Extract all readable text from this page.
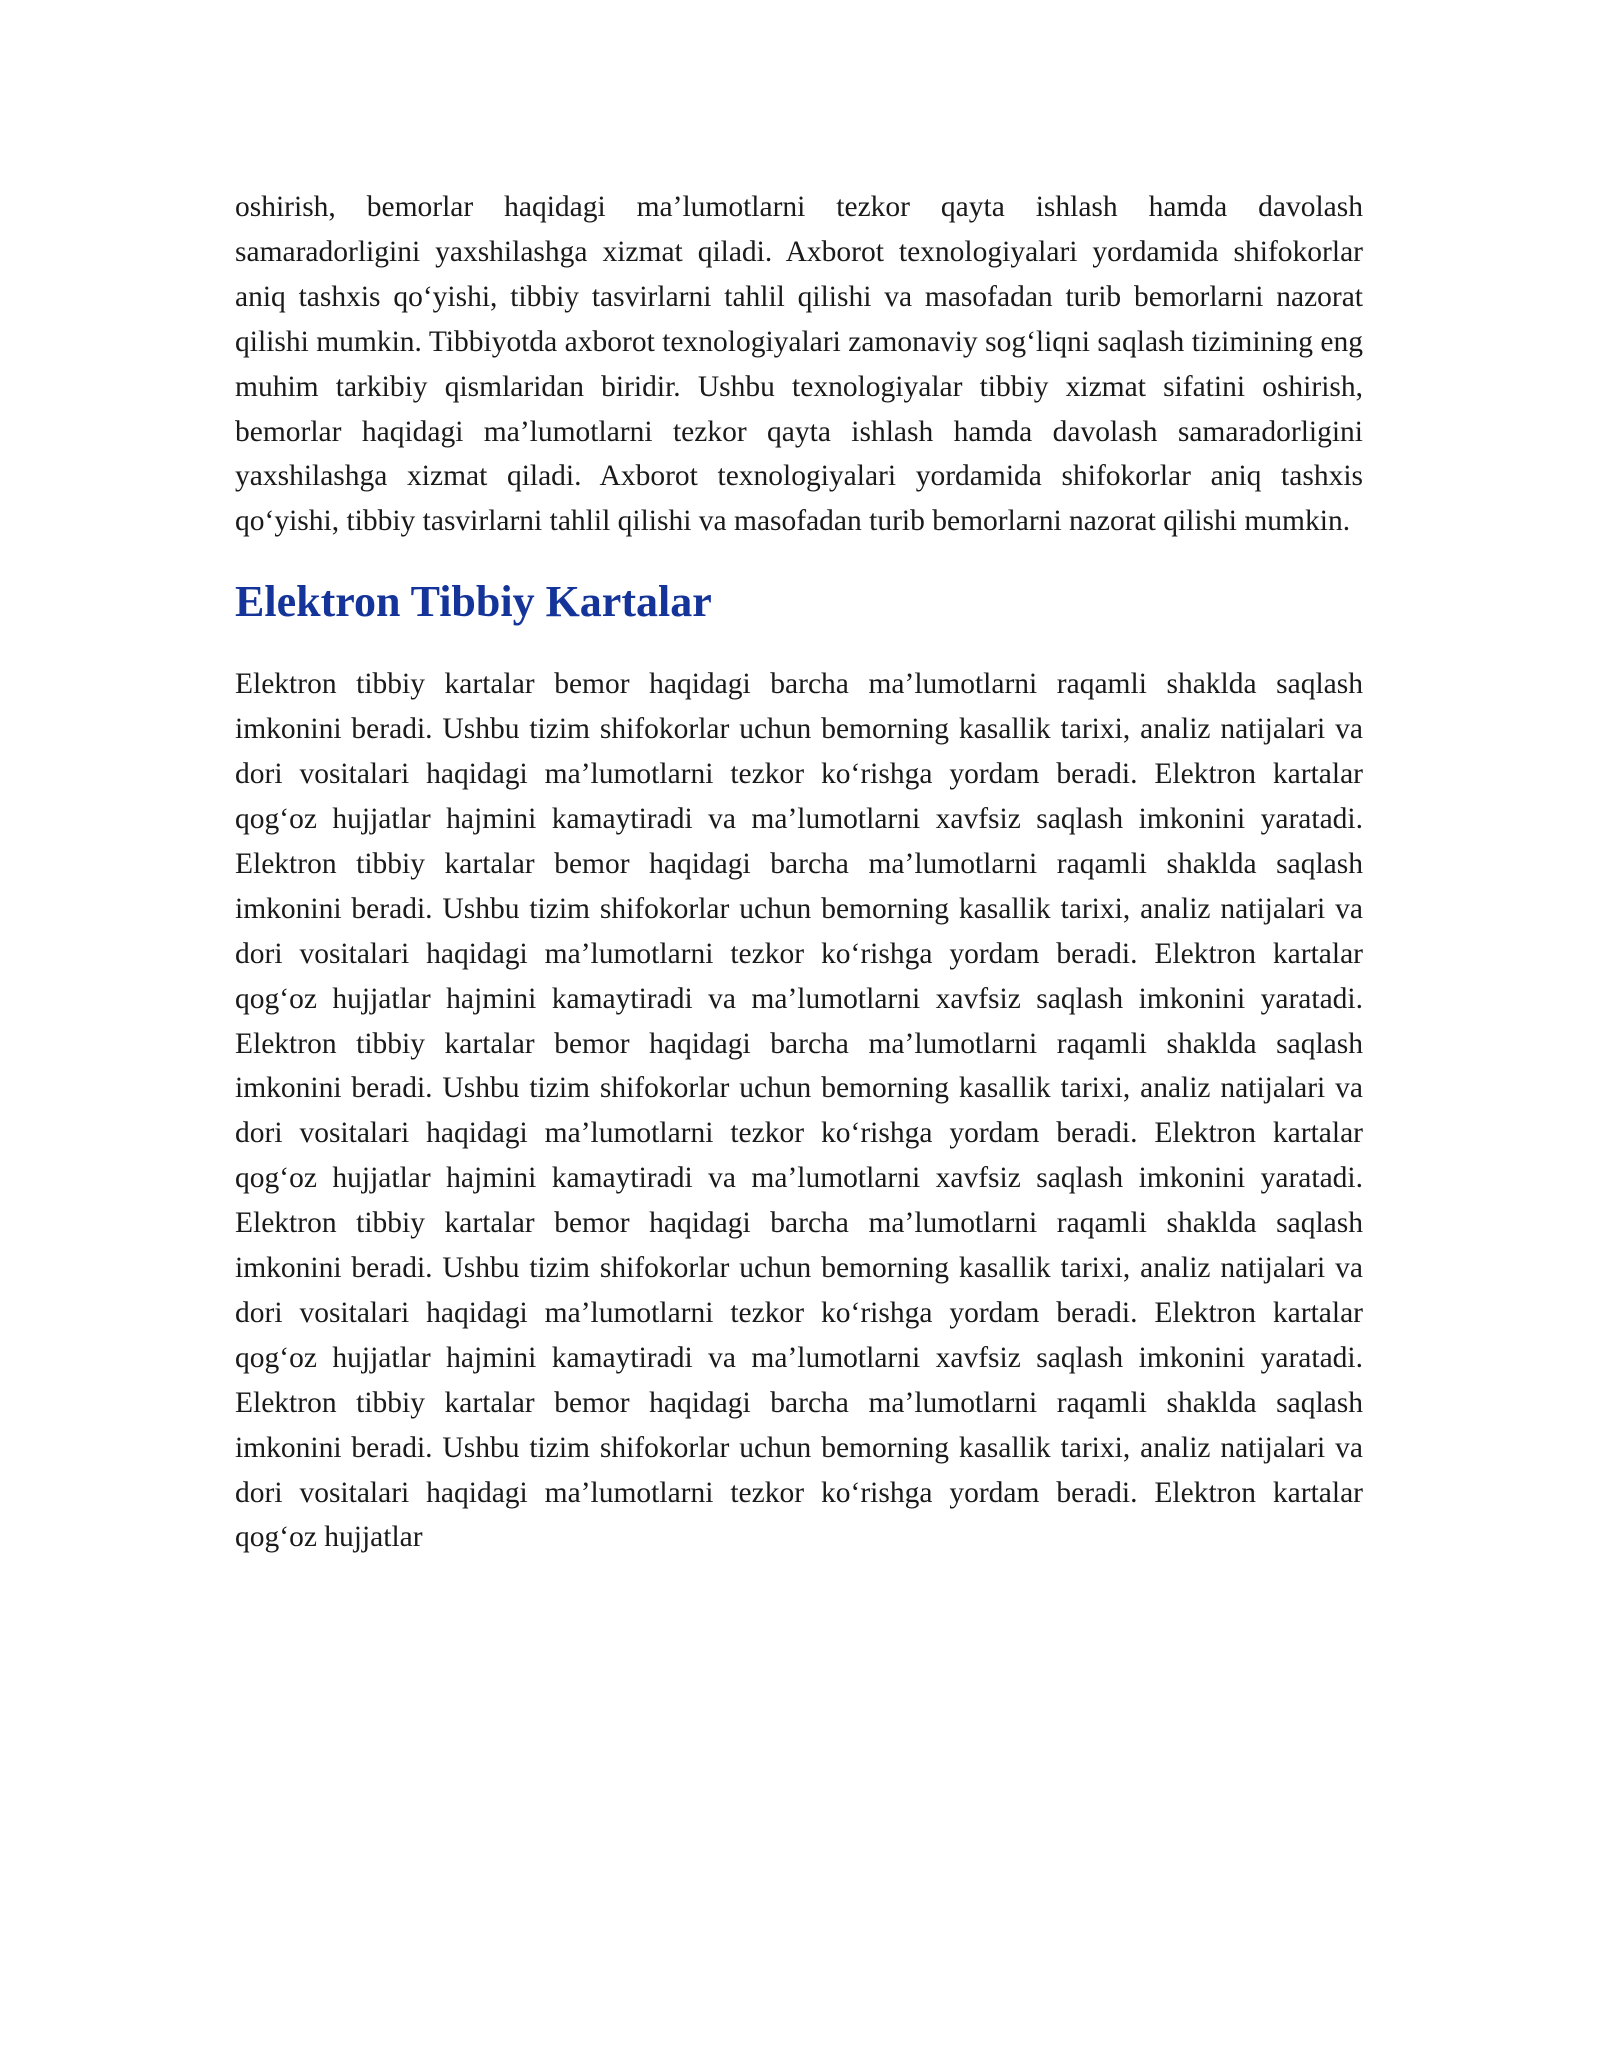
oshirish, bemorlar haqidagi ma’lumotlarni tezkor qayta ishlash hamda davolash samaradorligini yaxshilashga xizmat qiladi. Axborot texnologiyalari yordamida shifokorlar aniq tashxis qo‘yishi, tibbiy tasvirlarni tahlil qilishi va masofadan turib bemorlarni nazorat qilishi mumkin. Tibbiyotda axborot texnologiyalari zamonaviy sog‘liqni saqlash tizimining eng muhim tarkibiy qismlaridan biridir. Ushbu texnologiyalar tibbiy xizmat sifatini oshirish, bemorlar haqidagi ma’lumotlarni tezkor qayta ishlash hamda davolash samaradorligini yaxshilashga xizmat qiladi. Axborot texnologiyalari yordamida shifokorlar aniq tashxis qo‘yishi, tibbiy tasvirlarni tahlil qilishi va masofadan turib bemorlarni nazorat qilishi mumkin.

Elektron Tibbiy Kartalar

Elektron tibbiy kartalar bemor haqidagi barcha ma’lumotlarni raqamli shaklda saqlash imkonini beradi. Ushbu tizim shifokorlar uchun bemorning kasallik tarixi, analiz natijalari va dori vositalari haqidagi ma’lumotlarni tezkor ko‘rishga yordam beradi. Elektron kartalar qog‘oz hujjatlar hajmini kamaytiradi va ma’lumotlarni xavfsiz saqlash imkonini yaratadi. Elektron tibbiy kartalar bemor haqidagi barcha ma’lumotlarni raqamli shaklda saqlash imkonini beradi. Ushbu tizim shifokorlar uchun bemorning kasallik tarixi, analiz natijalari va dori vositalari haqidagi ma’lumotlarni tezkor ko‘rishga yordam beradi. Elektron kartalar qog‘oz hujjatlar hajmini kamaytiradi va ma’lumotlarni xavfsiz saqlash imkonini yaratadi. Elektron tibbiy kartalar bemor haqidagi barcha ma’lumotlarni raqamli shaklda saqlash imkonini beradi. Ushbu tizim shifokorlar uchun bemorning kasallik tarixi, analiz natijalari va dori vositalari haqidagi ma’lumotlarni tezkor ko‘rishga yordam beradi. Elektron kartalar qog‘oz hujjatlar hajmini kamaytiradi va ma’lumotlarni xavfsiz saqlash imkonini yaratadi. Elektron tibbiy kartalar bemor haqidagi barcha ma’lumotlarni raqamli shaklda saqlash imkonini beradi. Ushbu tizim shifokorlar uchun bemorning kasallik tarixi, analiz natijalari va dori vositalari haqidagi ma’lumotlarni tezkor ko‘rishga yordam beradi. Elektron kartalar qog‘oz hujjatlar hajmini kamaytiradi va ma’lumotlarni xavfsiz saqlash imkonini yaratadi. Elektron tibbiy kartalar bemor haqidagi barcha ma’lumotlarni raqamli shaklda saqlash imkonini beradi. Ushbu tizim shifokorlar uchun bemorning kasallik tarixi, analiz natijalari va dori vositalari haqidagi ma’lumotlarni tezkor ko‘rishga yordam beradi. Elektron kartalar qog‘oz hujjatlar
